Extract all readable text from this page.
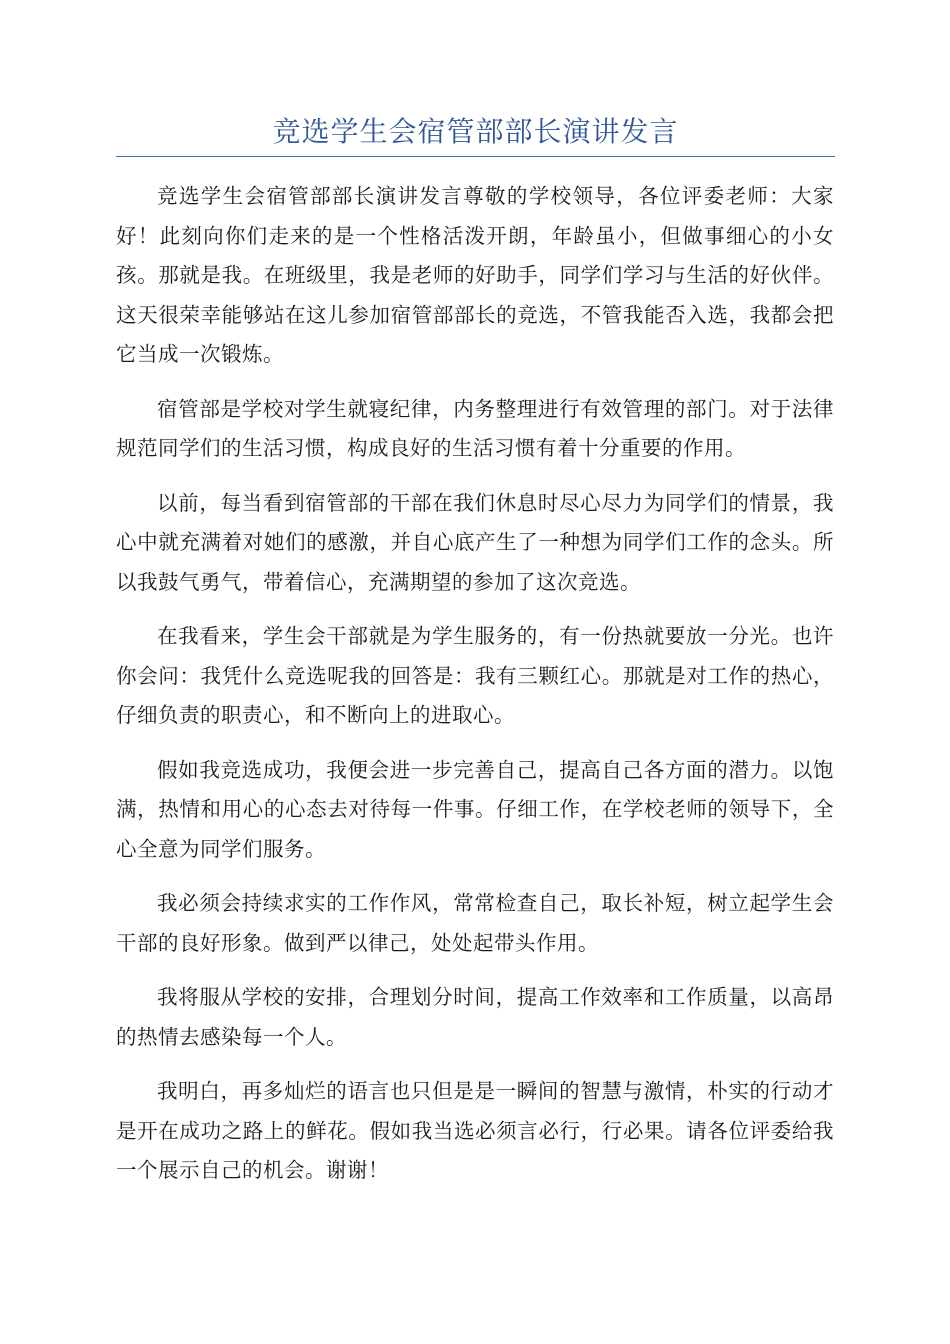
竞选学生会宿管部部长演讲发言

竞选学生会宿管部部长演讲发言尊敬的学校领导，各位评委老师：大家好！此刻向你们走来的是一个性格活泼开朗，年龄虽小，但做事细心的小女孩。那就是我。在班级里，我是老师的好助手，同学们学习与生活的好伙伴。这天很荣幸能够站在这儿参加宿管部部长的竞选，不管我能否入选，我都会把它当成一次锻炼。

宿管部是学校对学生就寝纪律，内务整理进行有效管理的部门。对于法律规范同学们的生活习惯，构成良好的生活习惯有着十分重要的作用。

以前，每当看到宿管部的干部在我们休息时尽心尽力为同学们的情景，我心中就充满着对她们的感激，并自心底产生了一种想为同学们工作的念头。所以我鼓气勇气，带着信心，充满期望的参加了这次竞选。

在我看来，学生会干部就是为学生服务的，有一份热就要放一分光。也许你会问：我凭什么竞选呢我的回答是：我有三颗红心。那就是对工作的热心，仔细负责的职责心，和不断向上的进取心。

假如我竞选成功，我便会进一步完善自己，提高自己各方面的潜力。以饱满，热情和用心的心态去对待每一件事。仔细工作，在学校老师的领导下，全心全意为同学们服务。

我必须会持续求实的工作作风，常常检查自己，取长补短，树立起学生会干部的良好形象。做到严以律己，处处起带头作用。

我将服从学校的安排，合理划分时间，提高工作效率和工作质量，以高昂的热情去感染每一个人。

我明白，再多灿烂的语言也只但是是一瞬间的智慧与激情，朴实的行动才是开在成功之路上的鲜花。假如我当选必须言必行，行必果。请各位评委给我一个展示自己的机会。谢谢！
